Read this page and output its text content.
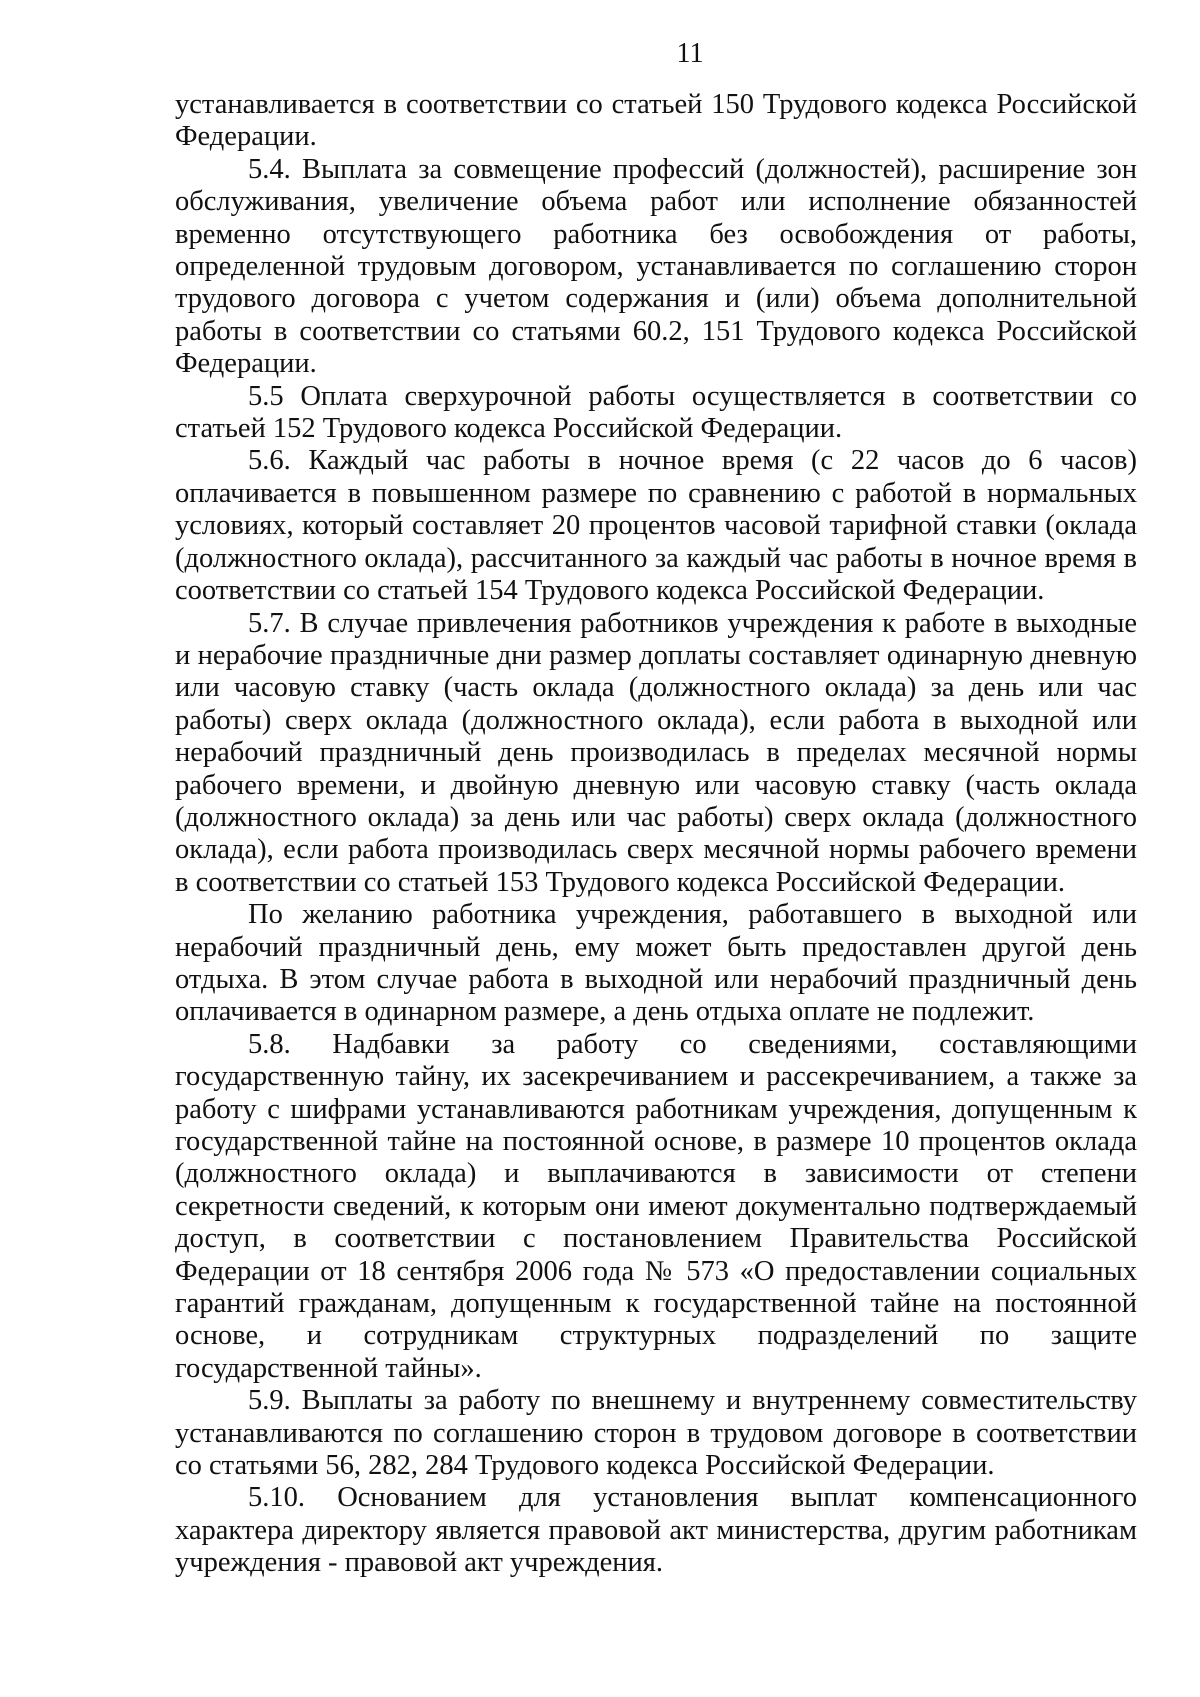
11

устанавливается в соответствии со статьей 150 Трудового кодекса Российской Федерации.

5.4. Выплата за совмещение профессий (должностей), расширение зон обслуживания, увеличение объема работ или исполнение обязанностей временно отсутствующего работника без освобождения от работы, определенной трудовым договором, устанавливается по соглашению сторон трудового договора с учетом содержания и (или) объема дополнительной работы в соответствии со статьями 60.2, 151 Трудового кодекса Российской Федерации.

5.5 Оплата сверхурочной работы осуществляется в соответствии со статьей 152 Трудового кодекса Российской Федерации.

5.6. Каждый час работы в ночное время (с 22 часов до 6 часов) оплачивается в повышенном размере по сравнению с работой в нормальных условиях, который составляет 20 процентов часовой тарифной ставки (оклада (должностного оклада), рассчитанного за каждый час работы в ночное время в соответствии со статьей 154 Трудового кодекса Российской Федерации.

5.7. В случае привлечения работников учреждения к работе в выходные и нерабочие праздничные дни размер доплаты составляет одинарную дневную или часовую ставку (часть оклада (должностного оклада) за день или час работы) сверх оклада (должностного оклада), если работа в выходной или нерабочий праздничный день производилась в пределах месячной нормы рабочего времени, и двойную дневную или часовую ставку (часть оклада (должностного оклада) за день или час работы) сверх оклада (должностного оклада), если работа производилась сверх месячной нормы рабочего времени в соответствии со статьей 153 Трудового кодекса Российской Федерации.

По желанию работника учреждения, работавшего в выходной или нерабочий праздничный день, ему может быть предоставлен другой день отдыха. В этом случае работа в выходной или нерабочий праздничный день оплачивается в одинарном размере, а день отдыха оплате не подлежит.

5.8. Надбавки за работу со сведениями, составляющими государственную тайну, их засекречиванием и рассекречиванием, а также за работу с шифрами устанавливаются работникам учреждения, допущенным к государственной тайне на постоянной основе, в размере 10 процентов оклада (должностного оклада) и выплачиваются в зависимости от степени секретности сведений, к которым они имеют документально подтверждаемый доступ, в соответствии с постановлением Правительства Российской Федерации от 18 сентября 2006 года № 573 «О предоставлении социальных гарантий гражданам, допущенным к государственной тайне на постоянной основе, и сотрудникам структурных подразделений по защите государственной тайны».

5.9. Выплаты за работу по внешнему и внутреннему совместительству устанавливаются по соглашению сторон в трудовом договоре в соответствии со статьями 56, 282, 284 Трудового кодекса Российской Федерации.

5.10. Основанием для установления выплат компенсационного характера директору является правовой акт министерства, другим работникам учреждения - правовой акт учреждения.
